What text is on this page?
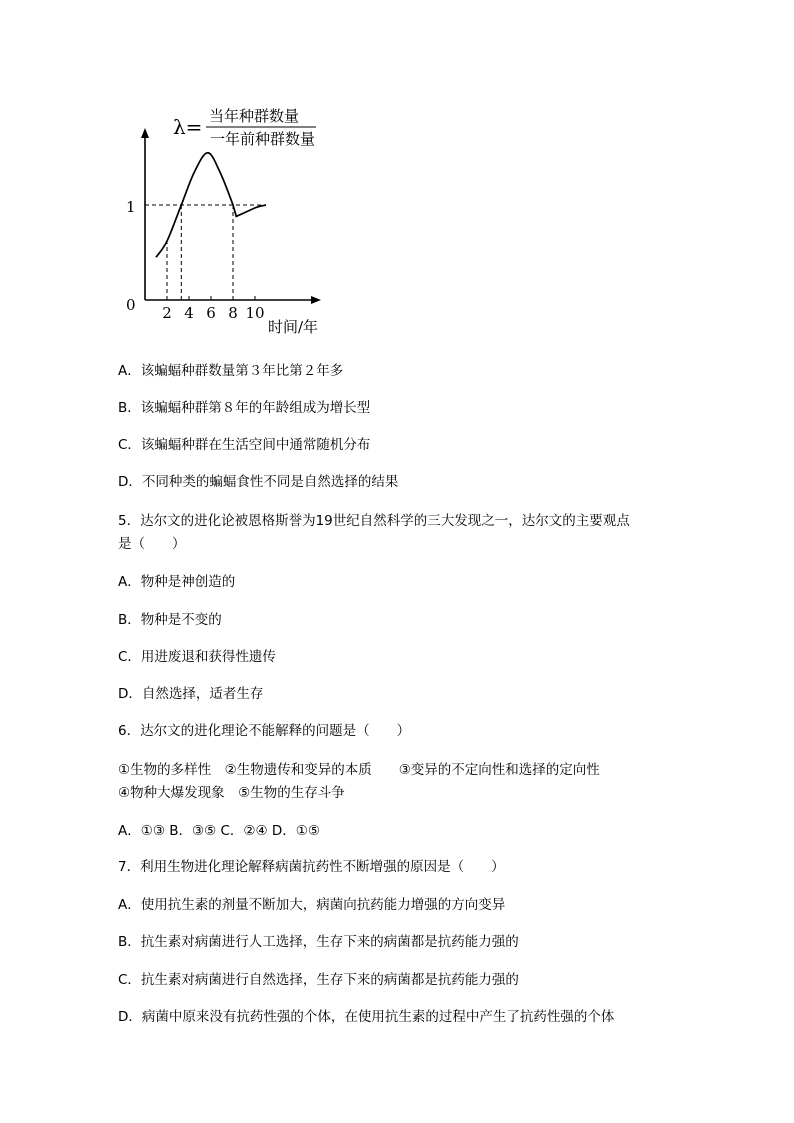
λ= 当年种群数量
一年前种群数量
1
0
时间/年
2 4 6 8 10
A．该蝙蝠种群数量第３年比第２年多
B．该蝙蝠种群第８年的年龄组成为增长型
C．该蝙蝠种群在生活空间中通常随机分布
D．不同种类的蝙蝠食性不同是自然选择的结果
5．达尔文的进化论被恩格斯誉为19世纪自然科学的三大发现之一，达尔文的主要观点
是（　　）
A．物种是神创造的
B．物种是不变的
C．用进废退和获得性遗传
D．自然选择，适者生存
6．达尔文的进化理论不能解释的问题是（　　）
①生物的多样性　②生物遗传和变异的本质　　③变异的不定向性和选择的定向性
④物种大爆发现象　⑤生物的生存斗争
A．①③ B．③⑤ C．②④ D．①⑤
7．利用生物进化理论解释病菌抗药性不断增强的原因是（　　）
A．使用抗生素的剂量不断加大，病菌向抗药能力增强的方向变异
B．抗生素对病菌进行人工选择，生存下来的病菌都是抗药能力强的
C．抗生素对病菌进行自然选择，生存下来的病菌都是抗药能力强的
D．病菌中原来没有抗药性强的个体，在使用抗生素的过程中产生了抗药性强的个体
